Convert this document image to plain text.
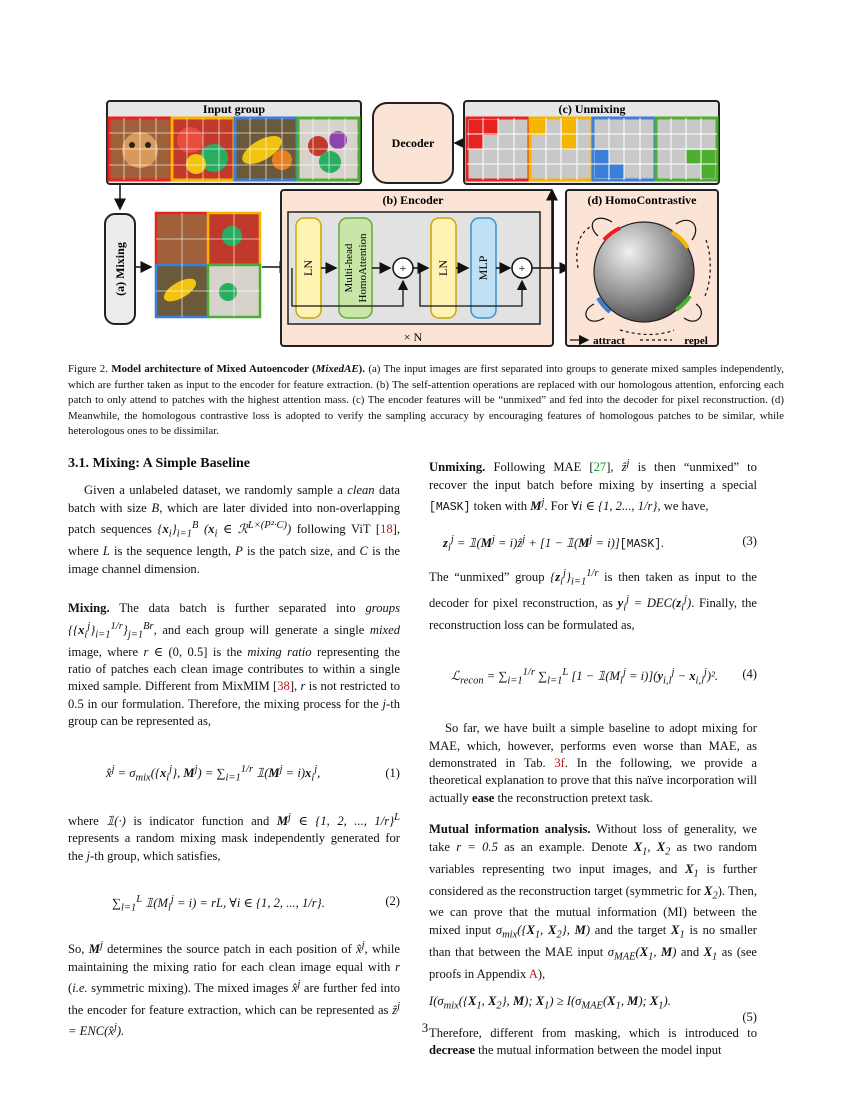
Input group
Decoder
(c) Unmixing
(a) Mixing
(b) Encoder
LN	Multi-head HomoAttention	+ LN MLP +
× N
(d) HomoContrastive
attract	repel
Figure 2. Model architecture of Mixed Autoencoder (MixedAE). (a) The input images are first separated into groups to generate mixed samples independently, which are further taken as input to the encoder for feature extraction. (b) The self-attention operations are replaced with our homologous attention, enforcing each patch to only attend to patches with the highest attention mass. (c) The encoder features will be “unmixed” and fed into the decoder for pixel reconstruction. (d) Meanwhile, the homologous contrastive loss is adopted to verify the sampling accuracy by encouraging features of homologous patches to be similar, while heterologous ones to be dissimilar.
3.1. Mixing: A Simple Baseline

Given a unlabeled dataset, we randomly sample a clean data batch with size B, which are later divided into non-overlapping patch sequences $\{x_i\}_{i=1}^B$ ($x_i$ ∈ ℛ$^{L\times(P^2\cdot C)}$) following ViT [18], where L is the sequence length, P is the patch size, and C is the image channel dimension.

Mixing. The data batch is further separated into groups $\{\{x_i^j\}_{i=1}^{1/r}\}_{j=1}^{Br}$, and each group will generate a single mixed image, where r ∈ (0, 0.5] is the mixing ratio representing the ratio of patches each clean image contributes to within a single mixed sample. Different from MixMIM [38], r is not restricted to 0.5 in our formulation. Therefore, the mixing process for the j-th group can be represented as,

x̂$^j$ = $\sigma_{mix}(\{x_i^j\}$, $M^j) = \sum_{i=1}^{1/r}$ $𝟙(M^j = i)x_i^j$,	(1)

where 𝟙(·) is indicator function and $M^j$ ∈ {1, 2, ..., 1/r}$^L$ represents a random mixing mask independently generated for the j-th group, which satisfies,

$\sum_{l=1}^L$ $𝟙(M_l^j = i)$ = rL, ∀i ∈ {1, 2, ..., 1/r}.	(2)

So, $M^j$ determines the source patch in each position of x̂$^j$, while maintaining the mixing ratio for each clean image equal with r (i.e. symmetric mixing). The mixed images x̂$^j$ are further fed into the encoder for feature extraction, which can be represented as ẑ$^j$ = ENC(x̂$^j$).

Unmixing. Following MAE [27], ẑ$^j$ is then “unmixed” to recover the input batch before mixing by inserting a special [MASK] token with $M^j$. For ∀i ∈ {1, 2..., 1/r}, we have,

$z_i^j$ = $𝟙(M^j$ = i)ẑ$^j$ + [$1 - 𝟙(M^j$ = i)][MASK].	(3)

The “unmixed” group $\{z_i^j\}_{i=1}^{1/r}$ is then taken as input to the decoder for pixel reconstruction, as $y_i^j = DEC(z_i^j)$. Finally, the reconstruction loss can be formulated as,

ℒ$_{recon}$ = $\sum_{i=1}^{1/r}$ $\sum_{l=1}^L$ $[1 - 𝟙(M_l^j = i)](y_{i,l}^j - x_{i,l}^j)^2$. (4)

So far, we have built a simple baseline to adopt mixing for MAE, which, however, performs even worse than MAE, as demonstrated in Tab. 3f. In the following, we provide a theoretical explanation to prove that this naïve incorporation will actually ease the reconstruction pretext task.

Mutual information analysis. Without loss of generality, we take r = 0.5 as an example. Denote $X_1$, $X_2$ as two random variables representing two input images, and $X_1$ is further considered as the reconstruction target (symmetric for $X_2$). Then, we can prove that the mutual information (MI) between the mixed input $\sigma_{mix}(\{X_1$, $X_2$}, M) and the target $X_1$ is no smaller than that between the MAE input $\sigma_{MAE}(X_1$, M) and $X_1$ as (see proofs in Appendix A),

$I(\sigma_{mix}(\{X_1$, $X_2$}, M); $X_1) \ge I(\sigma_{MAE}(X_1$, M); $X_1$).
(5)

Therefore, different from masking, which is introduced to decrease the mutual information between the model input

3
